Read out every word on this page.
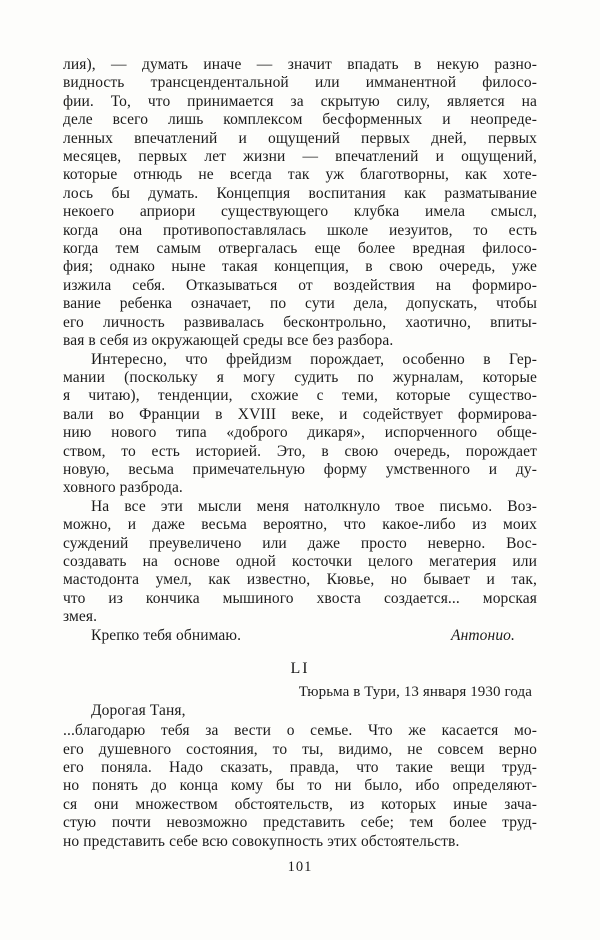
лия), — думать иначе — значит впадать в некую разно-
видность трансцендентальной или имманентной филосо-
фии. То, что принимается за скрытую силу, является на
деле всего лишь комплексом бесформенных и неопреде-
ленных впечатлений и ощущений первых дней, первых
месяцев, первых лет жизни — впечатлений и ощущений,
которые отнюдь не всегда так уж благотворны, как хоте-
лось бы думать. Концепция воспитания как разматывание
некоего априори существующего клубка имела смысл,
когда она противопоставлялась школе иезуитов, то есть
когда тем самым отвергалась еще более вредная филосо-
фия; однако ныне такая концепция, в свою очередь, уже
изжила себя. Отказываться от воздействия на формиро-
вание ребенка означает, по сути дела, допускать, чтобы
его личность развивалась бесконтрольно, хаотично, впиты-
вая в себя из окружающей среды все без разбора.
Интересно, что фрейдизм порождает, особенно в Гер-
мании (поскольку я могу судить по журналам, которые
я читаю), тенденции, схожие с теми, которые существо-
вали во Франции в XVIII веке, и содействует формирова-
нию нового типа «доброго дикаря», испорченного обще-
ством, то есть историей. Это, в свою очередь, порождает
новую, весьма примечательную форму умственного и ду-
ховного разброда.
На все эти мысли меня натолкнуло твое письмо. Воз-
можно, и даже весьма вероятно, что какое-либо из моих
суждений преувеличено или даже просто неверно. Вос-
создавать на основе одной косточки целого мегатерия или
мастодонта умел, как известно, Кювье, но бывает и так,
что из кончика мышиного хвоста создается... морская
змея.
Крепко тебя обнимаю.	Антонио.
LI
Тюрьма в Тури, 13 января 1930 года
Дорогая Таня,
...благодарю тебя за вести о семье. Что же касается мо-
его душевного состояния, то ты, видимо, не совсем верно
его поняла. Надо сказать, правда, что такие вещи труд-
но понять до конца кому бы то ни было, ибо определяют-
ся они множеством обстоятельств, из которых иные зача-
стую почти невозможно представить себе; тем более труд-
но представить себе всю совокупность этих обстоятельств.
101
